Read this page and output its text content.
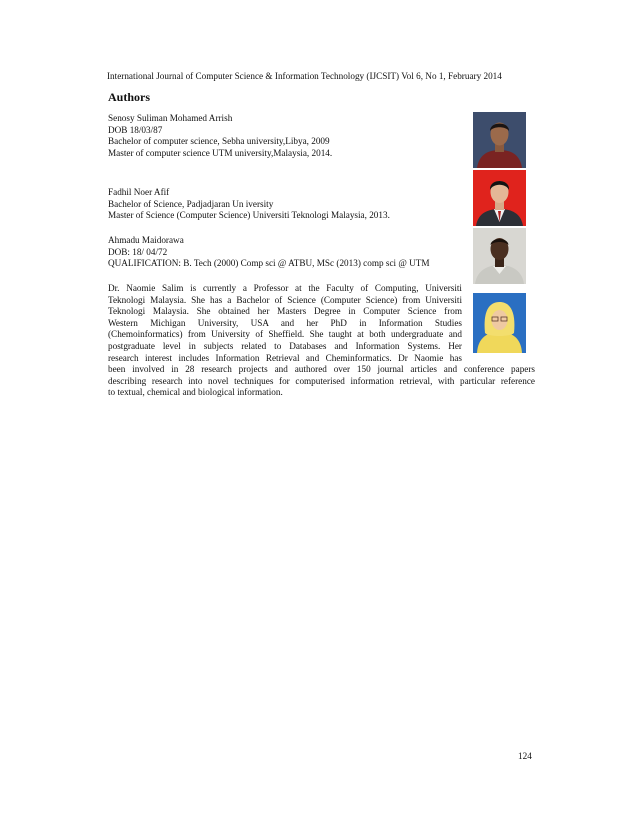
International Journal of Computer Science & Information Technology (IJCSIT) Vol 6, No 1, February 2014
Authors
Senosy Suliman Mohamed Arrish
DOB 18/03/87
Bachelor of computer science, Sebha university,Libya, 2009
Master of computer science UTM university,Malaysia, 2014.
Fadhil Noer Afif
Bachelor of Science, Padjadjaran Un iversity
Master of Science (Computer Science) Universiti Teknologi Malaysia, 2013.
Ahmadu Maidorawa
DOB: 18/ 04/72
QUALIFICATION: B. Tech (2000) Comp sci @ ATBU, MSc (2013) comp sci @ UTM
Dr. Naomie Salim is currently a Professor at the Faculty of Computing, Universiti
Teknologi Malaysia. She has a Bachelor of Science (Computer Science) from Universiti
Teknologi Malaysia. She obtained her Masters Degree in Computer Science from
Western Michigan University, USA and her PhD in Information Studies
(Chemoinformatics) from University of Sheffield. She taught at both undergraduate and
postgraduate level in subjects related to Databases and Information Systems. Her
research interest includes Information Retrieval and Cheminformatics. Dr Naomie has
been involved in 28 research projects and authored over 150 journal articles and conference papers
describing research into novel techniques for computerised information retrieval, with particular reference
to textual, chemical and biological information.
124
